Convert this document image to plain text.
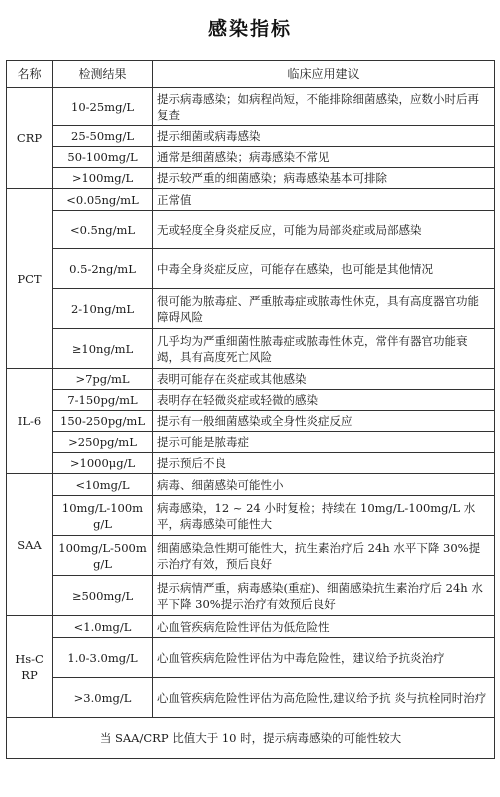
感染指标
名称	检测结果	临床应用建议
CRP	10-25mg/L	提示病毒感染；如病程尚短，不能排除细菌感染，应数小时后再复查
	25-50mg/L	提示细菌或病毒感染
	50-100mg/L	通常是细菌感染；病毒感染不常见
	>100mg/L	提示较严重的细菌感染；病毒感染基本可排除
PCT	<0.05ng/mL	正常值
	<0.5ng/mL	无或轻度全身炎症反应，可能为局部炎症或局部感染
	0.5-2ng/mL	中毒全身炎症反应，可能存在感染，也可能是其他情况
	2-10ng/mL	很可能为脓毒症、严重脓毒症或脓毒性休克，具有高度器官功能障碍风险
	≥10ng/mL	几乎均为严重细菌性脓毒症或脓毒性休克，常伴有器官功能衰竭，具有高度死亡风险
IL-6	>7pg/mL	表明可能存在炎症或其他感染
	7-150pg/mL	表明存在轻微炎症或轻微的感染
	150-250pg/mL	提示有一般细菌感染或全身性炎症反应
	>250pg/mL	提示可能是脓毒症
	>1000μg/L	提示预后不良
SAA	<10mg/L	病毒、细菌感染可能性小
	10mg/L-100mg/L	病毒感染，12 ~ 24 小时复检；持续在 10mg/L-100mg/L 水平，病毒感染可能性大
	100mg/L-500mg/L	细菌感染急性期可能性大，抗生素治疗后 24h 水平下降 30%提示治疗有效，预后良好
	≥500mg/L	提示病情严重，病毒感染(重症)、细菌感染抗生素治疗后 24h 水平下降 30%提示治疗有效预后良好
Hs-CRP	<1.0mg/L	心血管疾病危险性评估为低危险性
	1.0-3.0mg/L	心血管疾病危险性评估为中毒危险性，建议给予抗炎治疗
	>3.0mg/L	心血管疾病危险性评估为高危险性,建议给予抗 炎与抗栓同时治疗
当 SAA/CRP 比值大于 10 时，提示病毒感染的可能性较大		
